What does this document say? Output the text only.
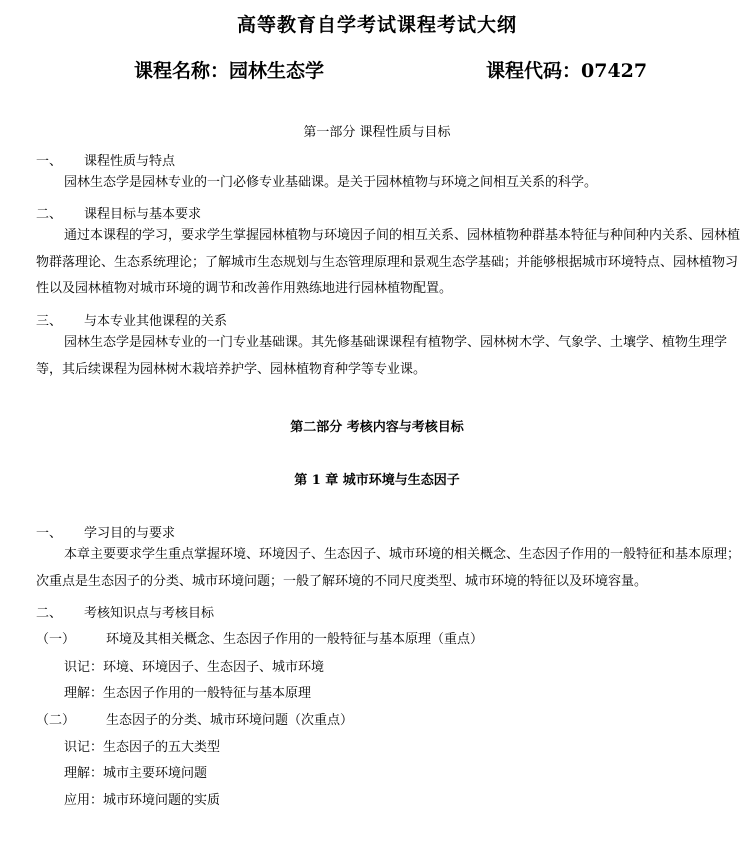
高等教育自学考试课程考试大纲
课程名称：园林生态学	课程代码：07427
第一部分 课程性质与目标
一、 课程性质与特点
园林生态学是园林专业的一门必修专业基础课。是关于园林植物与环境之间相互关系的科学。
二、 课程目标与基本要求
通过本课程的学习，要求学生掌握园林植物与环境因子间的相互关系、园林植物种群基本特征与种间种内关系、园林植物群落理论、生态系统理论；了解城市生态规划与生态管理原理和景观生态学基础；并能够根据城市环境特点、园林植物习性以及园林植物对城市环境的调节和改善作用熟练地进行园林植物配置。
三、 与本专业其他课程的关系
园林生态学是园林专业的一门专业基础课。其先修基础课课程有植物学、园林树木学、气象学、土壤学、植物生理学等，其后续课程为园林树木栽培养护学、园林植物育种学等专业课。
第二部分 考核内容与考核目标
第 1 章 城市环境与生态因子
一、 学习目的与要求
本章主要要求学生重点掌握环境、环境因子、生态因子、城市环境的相关概念、生态因子作用的一般特征和基本原理；次重点是生态因子的分类、城市环境问题；一般了解环境的不同尺度类型、城市环境的特征以及环境容量。
二、 考核知识点与考核目标
（一） 环境及其相关概念、生态因子作用的一般特征与基本原理（重点）
识记：环境、环境因子、生态因子、城市环境
理解：生态因子作用的一般特征与基本原理
（二） 生态因子的分类、城市环境问题（次重点）
识记：生态因子的五大类型
理解：城市主要环境问题
应用：城市环境问题的实质
